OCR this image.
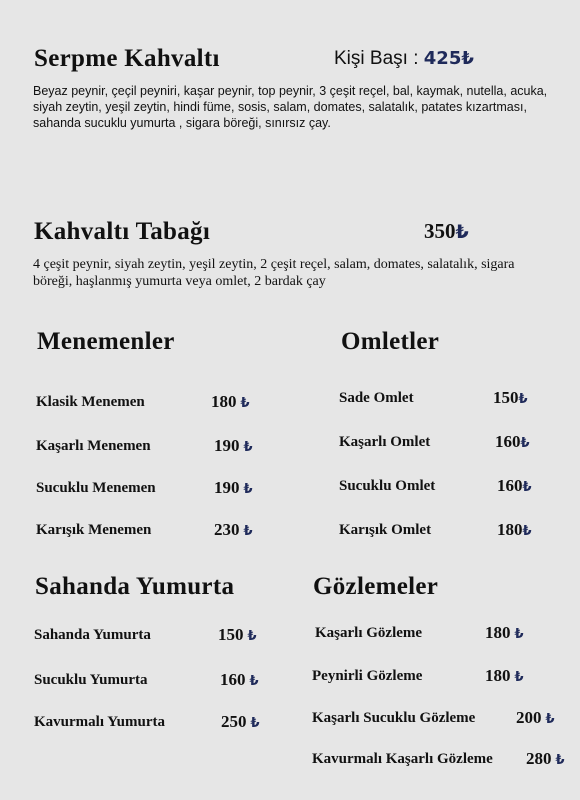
Serpme Kahvaltı	Kişi Başı : 425₺
Beyaz peynir, çeçil peyniri, kaşar peynir, top peynir, 3 çeşit reçel, bal, kaymak, nutella, acuka, siyah zeytin, yeşil zeytin, hindi füme, sosis, salam, domates, salatalık, patates kızartması, sahanda sucuklu yumurta , sigara böreği, sınırsız çay.
Kahvaltı Tabağı	350₺
4 çeşit peynir, siyah zeytin, yeşil zeytin, 2 çeşit reçel, salam, domates, salatalık, sigara böreği, haşlanmış yumurta veya omlet, 2 bardak çay
Menemenler
Klasik Menemen	180 ₺
Kaşarlı Menemen	190 ₺
Sucuklu Menemen	190 ₺
Karışık Menemen	230 ₺
Omletler
Sade Omlet	150₺
Kaşarlı Omlet	160₺
Sucuklu Omlet	160₺
Karışık Omlet	180₺
Sahanda Yumurta
Sahanda Yumurta	150 ₺
Sucuklu Yumurta	160 ₺
Kavurmalı Yumurta	250 ₺
Gözlemeler
Kaşarlı Gözleme	180 ₺
Peynirli Gözleme	180 ₺
Kaşarlı Sucuklu Gözleme 200 ₺
Kavurmalı Kaşarlı Gözleme 280 ₺
